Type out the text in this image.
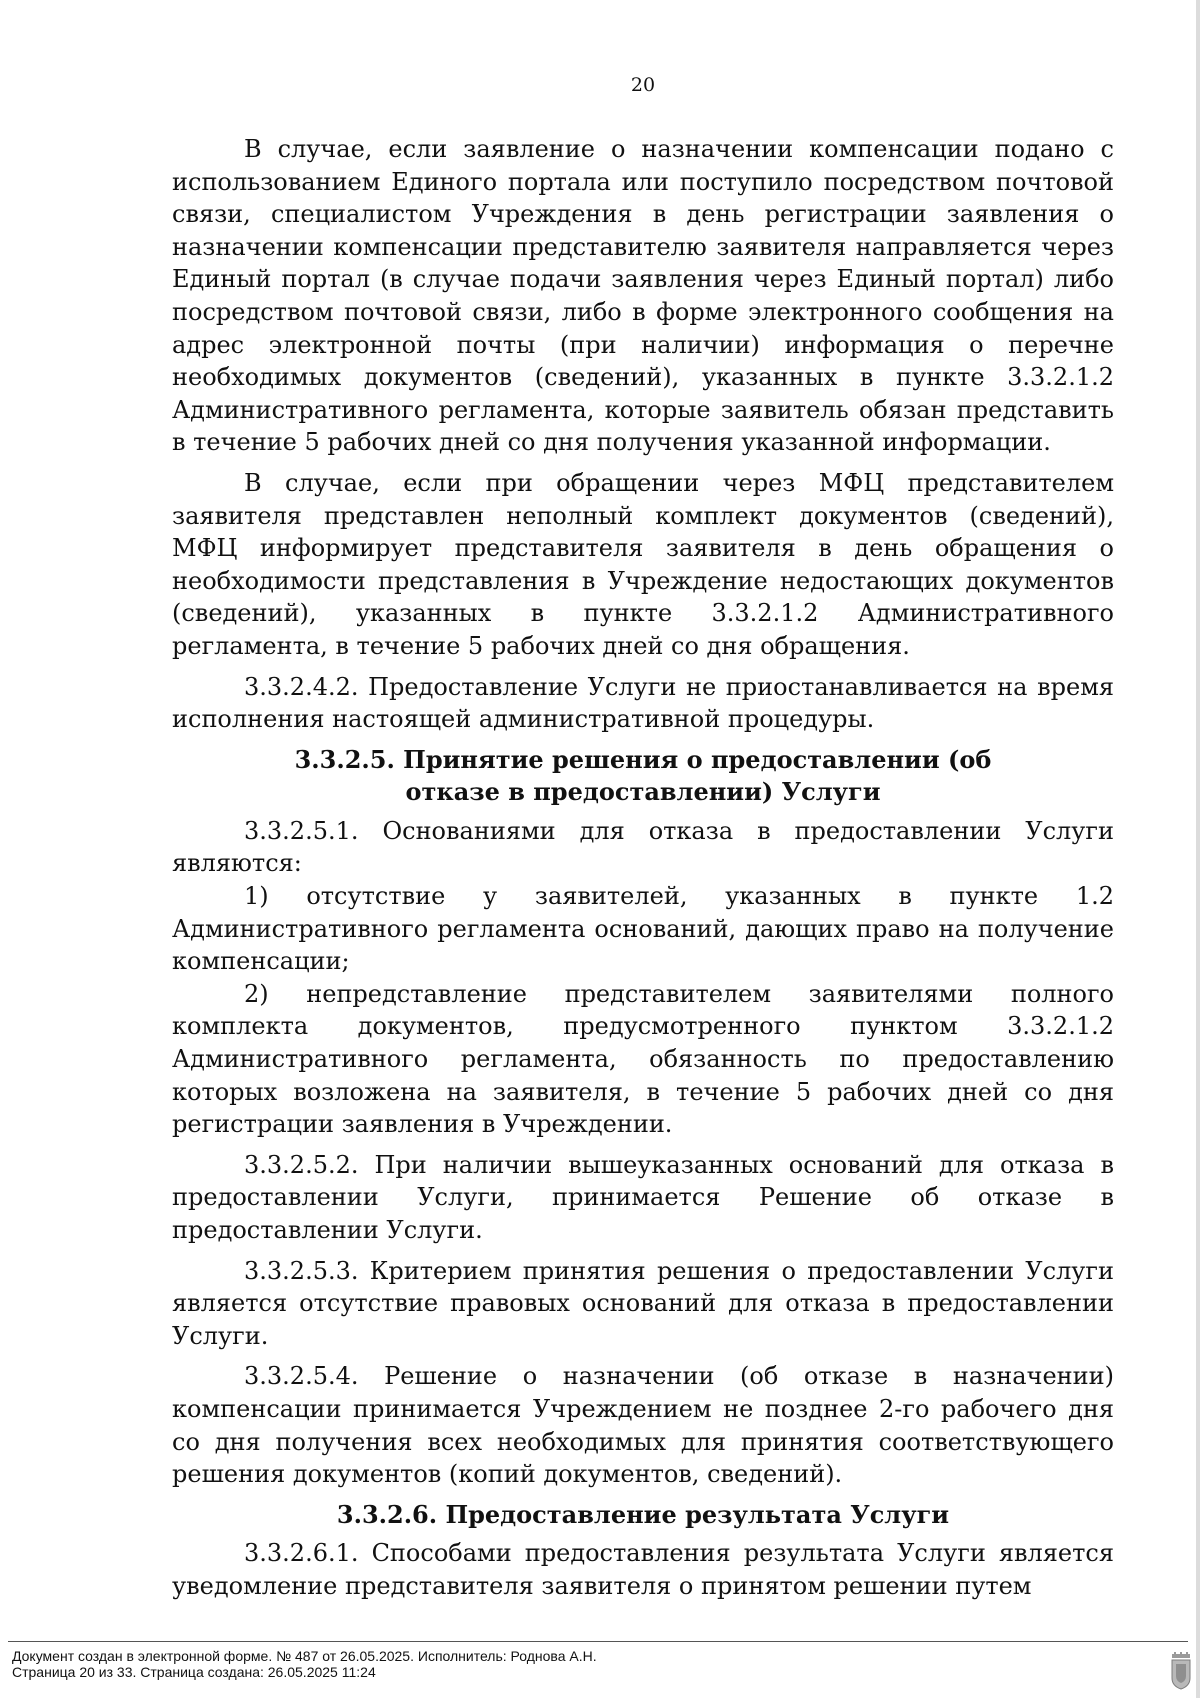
20

В случае, если заявление о назначении компенсации подано с использованием Единого портала или поступило посредством почтовой связи, специалистом Учреждения в день регистрации заявления о назначении компенсации представителю заявителя направляется через Единый портал (в случае подачи заявления через Единый портал) либо посредством почтовой связи, либо в форме электронного сообщения на адрес электронной почты (при наличии) информация о перечне необходимых документов (сведений), указанных в пункте 3.3.2.1.2 Административного регламента, которые заявитель обязан представить в течение 5 рабочих дней со дня получения указанной информации.

В случае, если при обращении через МФЦ представителем заявителя представлен неполный комплект документов (сведений), МФЦ информирует представителя заявителя в день обращения о необходимости представления в Учреждение недостающих документов (сведений), указанных в пункте 3.3.2.1.2 Административного регламента, в течение 5 рабочих дней со дня обращения.

3.3.2.4.2. Предоставление Услуги не приостанавливается на время исполнения настоящей административной процедуры.

3.3.2.5. Принятие решения о предоставлении (об отказе в предоставлении) Услуги

3.3.2.5.1. Основаниями для отказа в предоставлении Услуги являются:

1) отсутствие у заявителей, указанных в пункте 1.2 Административного регламента оснований, дающих право на получение компенсации;

2) непредставление представителем заявителями полного комплекта документов, предусмотренного пунктом 3.3.2.1.2 Административного регламента, обязанность по предоставлению которых возложена на заявителя, в течение 5 рабочих дней со дня регистрации заявления в Учреждении.

3.3.2.5.2. При наличии вышеуказанных оснований для отказа в предоставлении Услуги, принимается Решение об отказе в предоставлении Услуги.

3.3.2.5.3. Критерием принятия решения о предоставлении Услуги является отсутствие правовых оснований для отказа в предоставлении Услуги.

3.3.2.5.4. Решение о назначении (об отказе в назначении) компенсации принимается Учреждением не позднее 2-го рабочего дня со дня получения всех необходимых для принятия соответствующего решения документов (копий документов, сведений).

3.3.2.6. Предоставление результата Услуги

3.3.2.6.1. Способами предоставления результата Услуги является уведомление представителя заявителя о принятом решении путем

Документ создан в электронной форме. № 487 от 26.05.2025. Исполнитель: Роднова А.Н.
Страница 20 из 33. Страница создана: 26.05.2025 11:24
